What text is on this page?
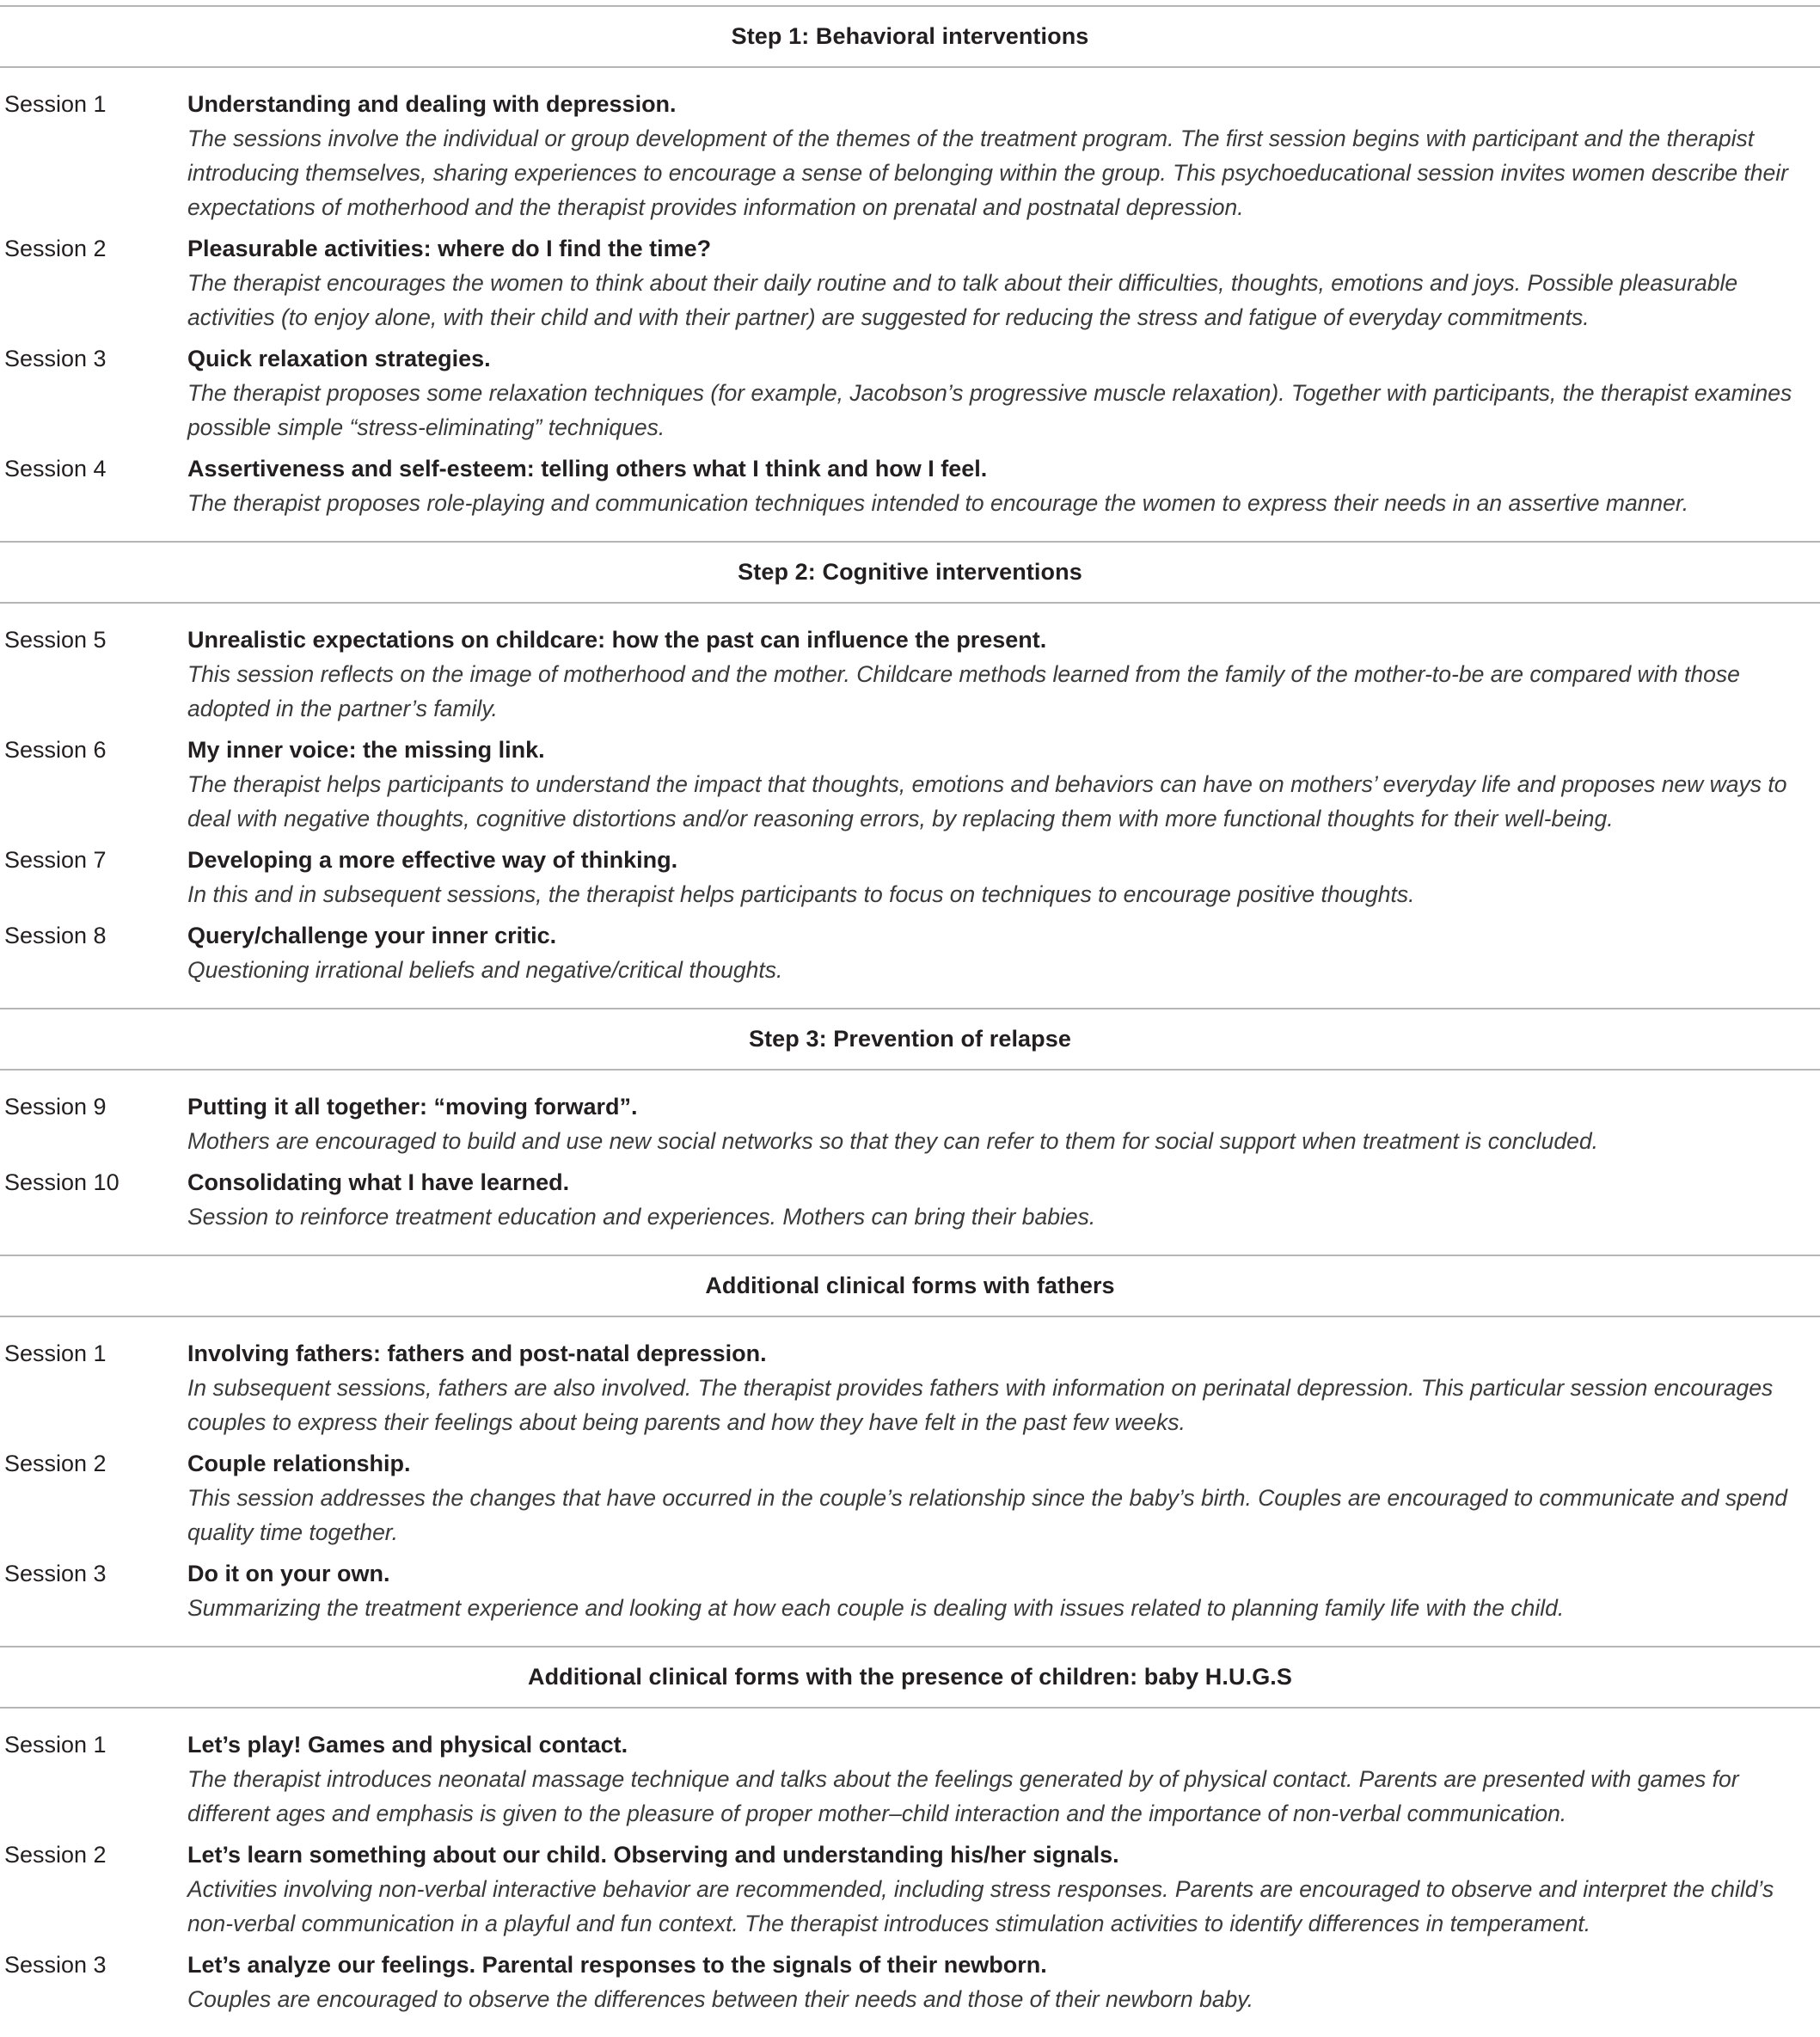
Step 1: Behavioral interventions
Session 1	Understanding and dealing with depression.
The sessions involve the individual or group development of the themes of the treatment program. The first session begins with participant and the therapist introducing themselves, sharing experiences to encourage a sense of belonging within the group. This psychoeducational session invites women describe their expectations of motherhood and the therapist provides information on prenatal and postnatal depression.
Session 2	Pleasurable activities: where do I find the time?
The therapist encourages the women to think about their daily routine and to talk about their difficulties, thoughts, emotions and joys. Possible pleasurable activities (to enjoy alone, with their child and with their partner) are suggested for reducing the stress and fatigue of everyday commitments.
Session 3	Quick relaxation strategies.
The therapist proposes some relaxation techniques (for example, Jacobson’s progressive muscle relaxation). Together with participants, the therapist examines possible simple “stress-eliminating” techniques.
Session 4	Assertiveness and self-esteem: telling others what I think and how I feel.
The therapist proposes role-playing and communication techniques intended to encourage the women to express their needs in an assertive manner.
Step 2: Cognitive interventions
Session 5	Unrealistic expectations on childcare: how the past can influence the present.
This session reflects on the image of motherhood and the mother. Childcare methods learned from the family of the mother-to-be are compared with those adopted in the partner’s family.
Session 6	My inner voice: the missing link.
The therapist helps participants to understand the impact that thoughts, emotions and behaviors can have on mothers’ everyday life and proposes new ways to deal with negative thoughts, cognitive distortions and/or reasoning errors, by replacing them with more functional thoughts for their well-being.
Session 7	Developing a more effective way of thinking.
In this and in subsequent sessions, the therapist helps participants to focus on techniques to encourage positive thoughts.
Session 8	Query/challenge your inner critic.
Questioning irrational beliefs and negative/critical thoughts.
Step 3: Prevention of relapse
Session 9	Putting it all together: “moving forward”.
Mothers are encouraged to build and use new social networks so that they can refer to them for social support when treatment is concluded.
Session 10	Consolidating what I have learned.
Session to reinforce treatment education and experiences. Mothers can bring their babies.
Additional clinical forms with fathers
Session 1	Involving fathers: fathers and post-natal depression.
In subsequent sessions, fathers are also involved. The therapist provides fathers with information on perinatal depression. This particular session encourages couples to express their feelings about being parents and how they have felt in the past few weeks.
Session 2	Couple relationship.
This session addresses the changes that have occurred in the couple’s relationship since the baby’s birth. Couples are encouraged to communicate and spend quality time together.
Session 3	Do it on your own.
Summarizing the treatment experience and looking at how each couple is dealing with issues related to planning family life with the child.
Additional clinical forms with the presence of children: baby H.U.G.S
Session 1	Let’s play! Games and physical contact.
The therapist introduces neonatal massage technique and talks about the feelings generated by of physical contact. Parents are presented with games for different ages and emphasis is given to the pleasure of proper mother–child interaction and the importance of non-verbal communication.
Session 2	Let’s learn something about our child. Observing and understanding his/her signals.
Activities involving non-verbal interactive behavior are recommended, including stress responses. Parents are encouraged to observe and interpret the child’s non-verbal communication in a playful and fun context. The therapist introduces stimulation activities to identify differences in temperament.
Session 3	Let’s analyze our feelings. Parental responses to the signals of their newborn.
Couples are encouraged to observe the differences between their needs and those of their newborn baby.
